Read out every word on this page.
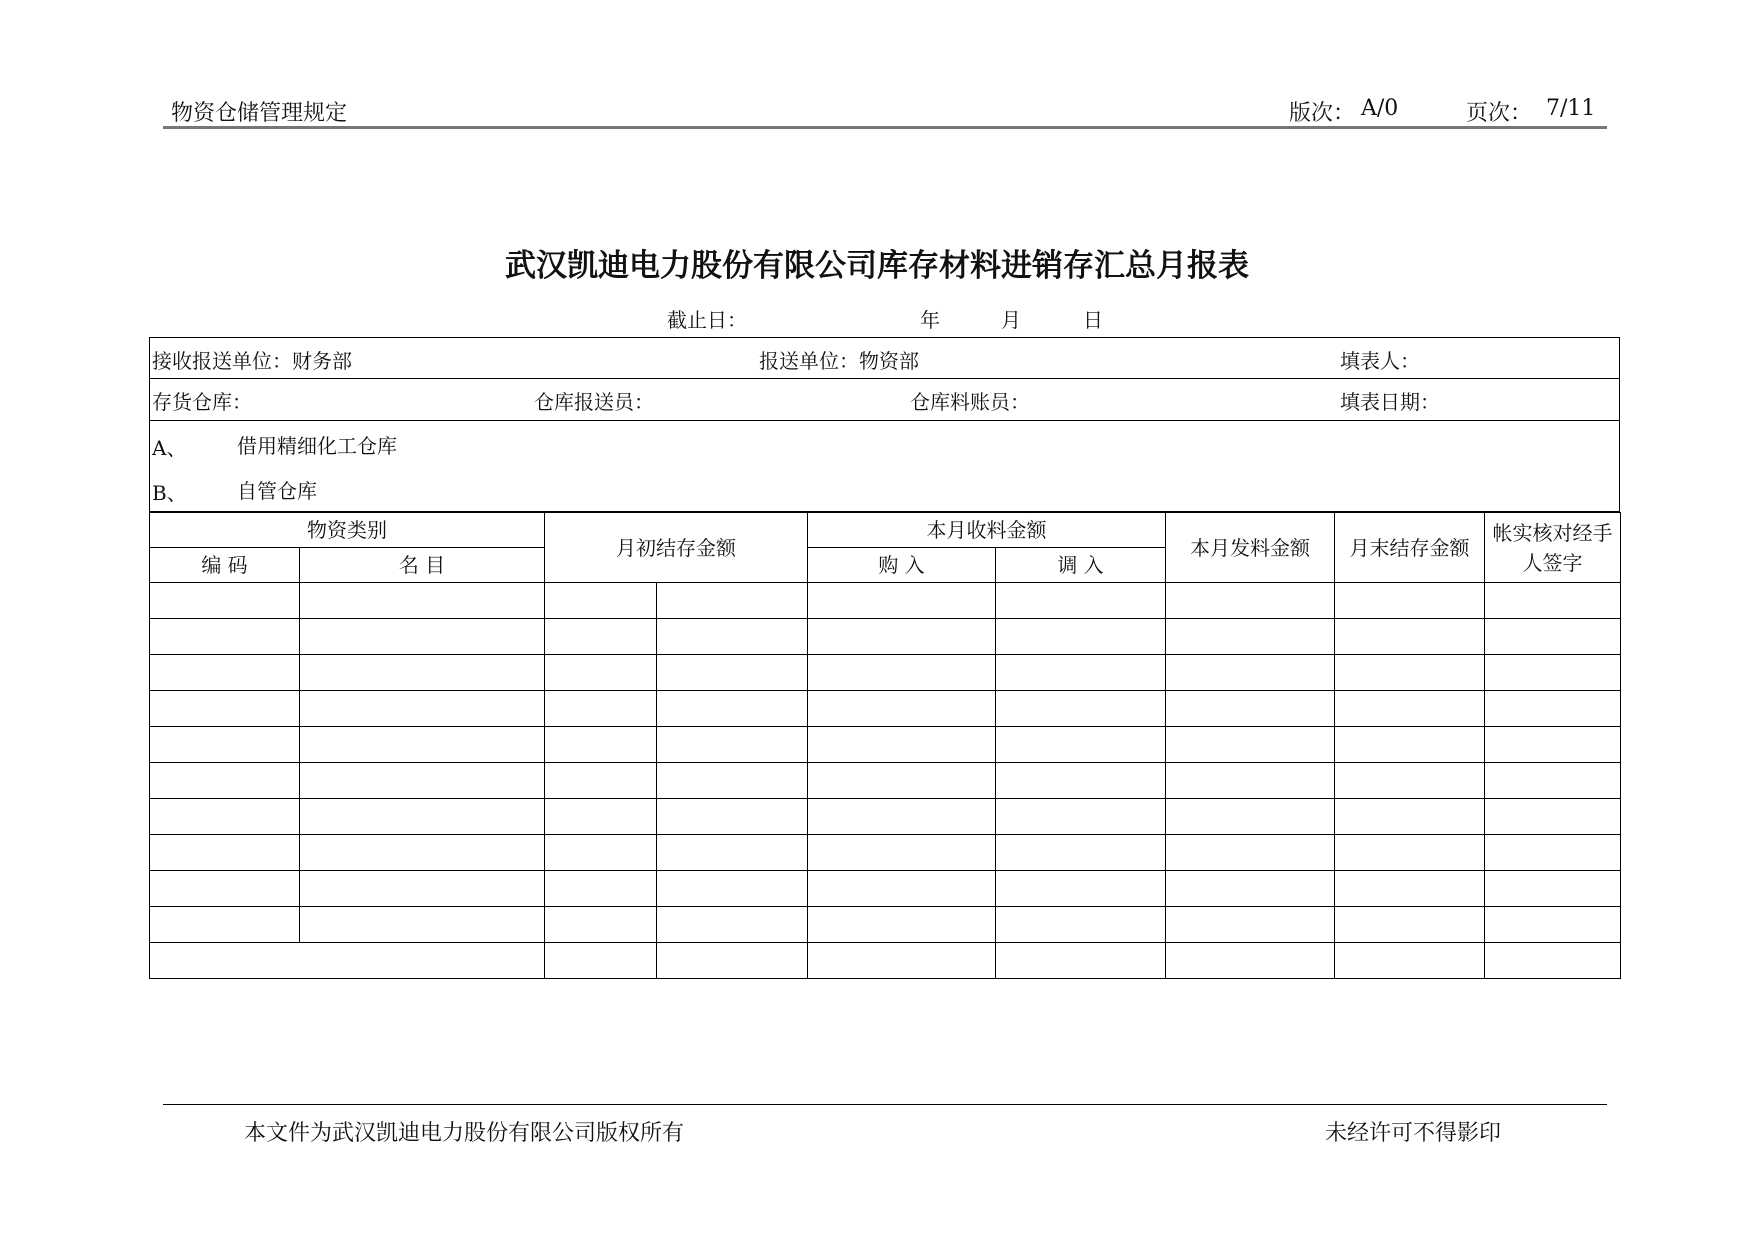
物资仓储管理规定	版次： A/0	页次： 7/11
武汉凯迪电力股份有限公司库存材料进销存汇总月报表
截止日：	年	月	日
接收报送单位：财务部	报送单位：物资部	填表人：
存货仓库：	仓库报送员：	仓库料账员：	填表日期：
A、	借用精细化工仓库
B、	自管仓库
物资类别		月初结存金额		本月收料金额		本月发料金额	月末结存金额	帐实核对经手人签字
编 码	名 目			购 入	调 入			

本文件为武汉凯迪电力股份有限公司版权所有	未经许可不得影印
